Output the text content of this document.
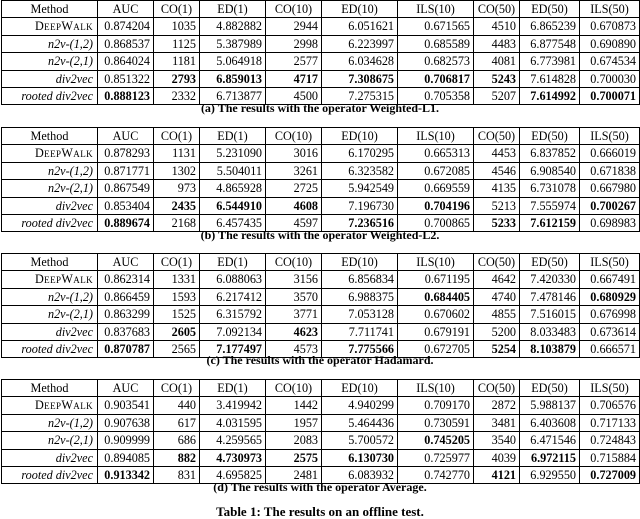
Method	AUC	CO(1)	ED(1)	CO(10)	ED(10)	ILS(10)	CO(50)	ED(50)	ILS(50)
DeepWalk	0.874204	1035	4.882882	2944	6.051621	0.671565	4510	6.865239	0.670873
n2v-(1,2)	0.868537	1125	5.387989	2998	6.223997	0.685589	4483	6.877548	0.690890
n2v-(2,1)	0.864024	1181	5.064918	2577	6.034628	0.682573	4081	6.773981	0.674534
div2vec	0.851322	2793	6.859013	4717	7.308675	0.706817	5243	7.614828	0.700030
rooted div2vec	0.888123	2332	6.713877	4500	7.275315	0.705358	5207	7.614992	0.700071
(a) The results with the operator Weighted-L1.
Method	AUC	CO(1)	ED(1)	CO(10)	ED(10)	ILS(10)	CO(50)	ED(50)	ILS(50)
DeepWalk	0.878293	1131	5.231090	3016	6.170295	0.665313	4453	6.837852	0.666019
n2v-(1,2)	0.871771	1302	5.504011	3261	6.323582	0.672085	4546	6.908540	0.671838
n2v-(2,1)	0.867549	973	4.865928	2725	5.942549	0.669559	4135	6.731078	0.667980
div2vec	0.853404	2435	6.544910	4608	7.196730	0.704196	5213	7.555974	0.700267
rooted div2vec	0.889674	2168	6.457435	4597	7.236516	0.700865	5233	7.612159	0.698983
(b) The results with the operator Weighted-L2.
Method	AUC	CO(1)	ED(1)	CO(10)	ED(10)	ILS(10)	CO(50)	ED(50)	ILS(50)
DeepWalk	0.862314	1331	6.088063	3156	6.856834	0.671195	4642	7.420330	0.667491
n2v-(1,2)	0.866459	1593	6.217412	3570	6.988375	0.684405	4740	7.478146	0.680929
n2v-(2,1)	0.863299	1525	6.315792	3771	7.053128	0.670602	4855	7.516015	0.676998
div2vec	0.837683	2605	7.092134	4623	7.711741	0.679191	5200	8.033483	0.673614
rooted div2vec	0.870787	2565	7.177497	4573	7.775566	0.672705	5254	8.103879	0.666571
(c) The results with the operator Hadamard.
Method	AUC	CO(1)	ED(1)	CO(10)	ED(10)	ILS(10)	CO(50)	ED(50)	ILS(50)
DeepWalk	0.903541	440	3.419942	1442	4.940299	0.709170	2872	5.988137	0.706576
n2v-(1,2)	0.907638	617	4.031595	1957	5.464436	0.730591	3481	6.403608	0.717133
n2v-(2,1)	0.909999	686	4.259565	2083	5.700572	0.745205	3540	6.471546	0.724843
div2vec	0.894085	882	4.730973	2575	6.130730	0.725977	4039	6.972115	0.715884
rooted div2vec	0.913342	831	4.695825	2481	6.083932	0.742770	4121	6.929550	0.727009
(d) The results with the operator Average.
Table 1: The results on an offline test.
